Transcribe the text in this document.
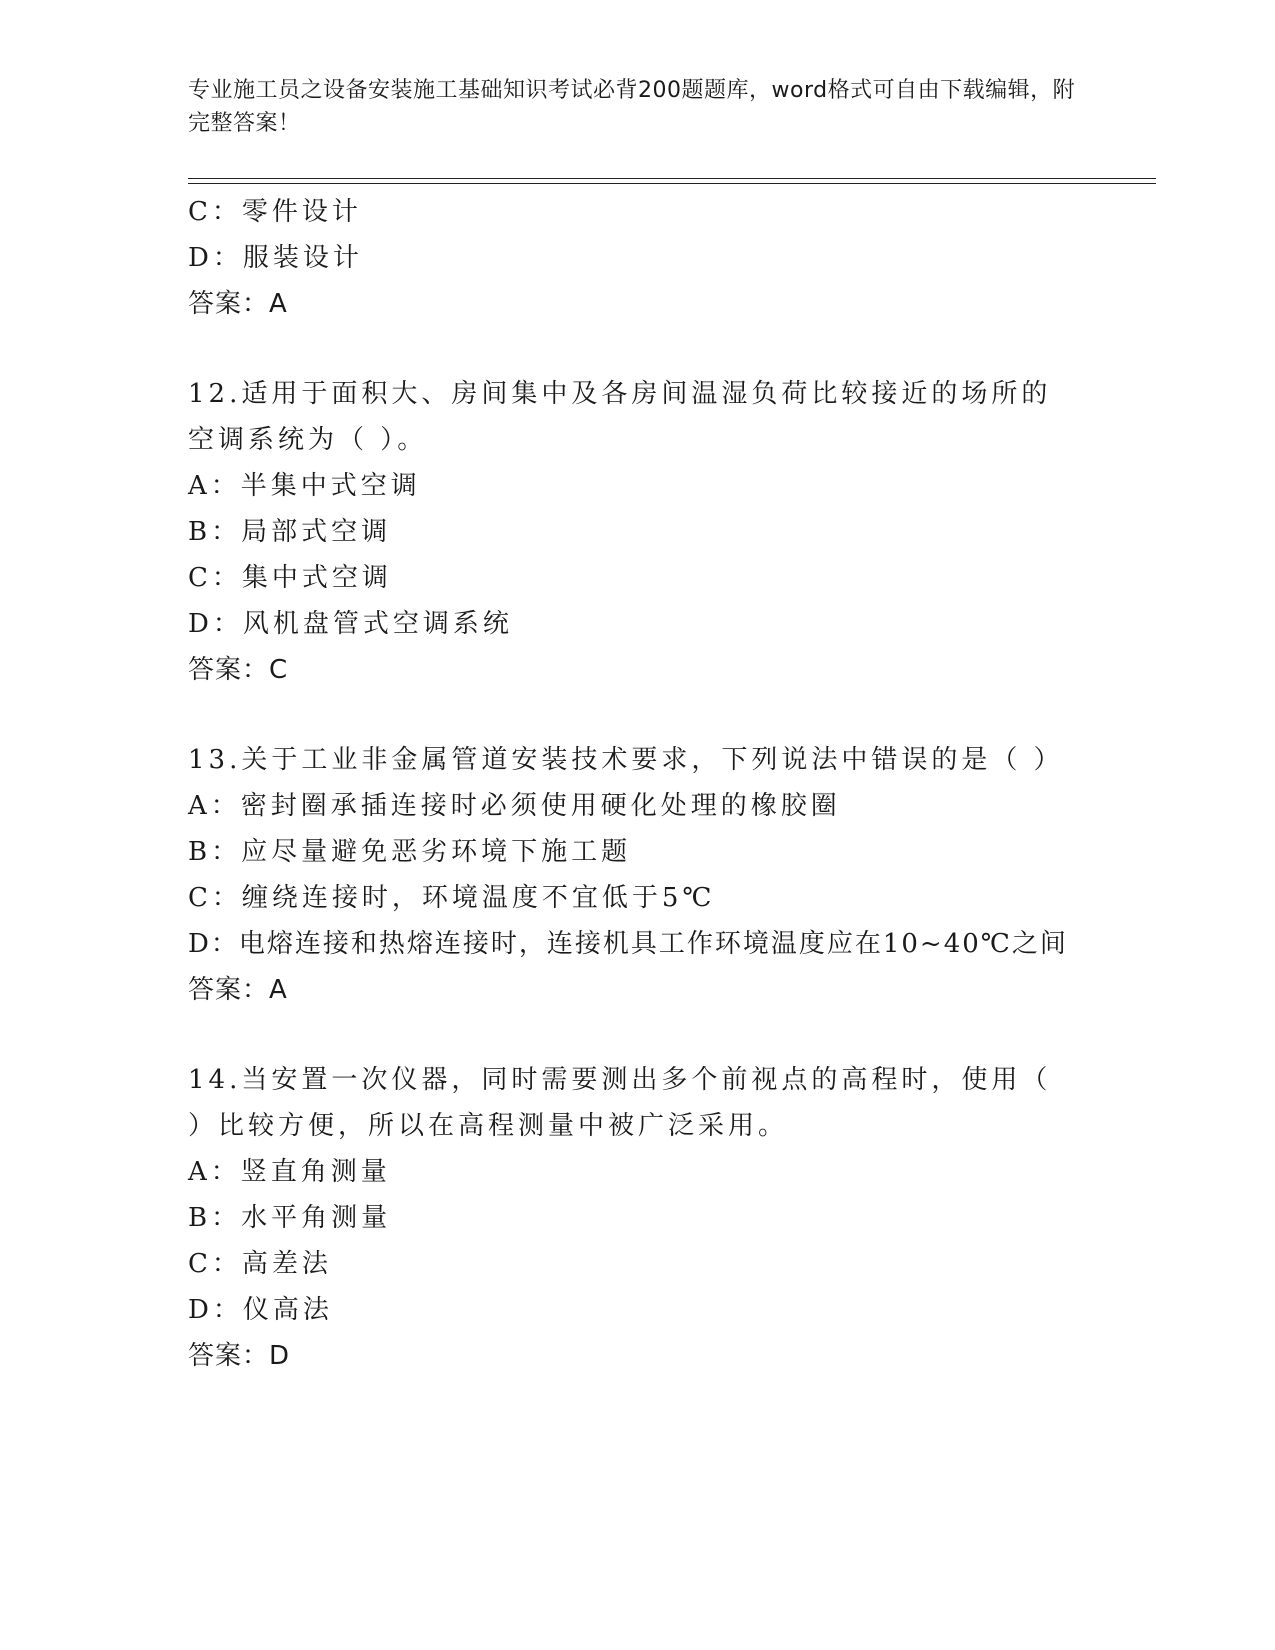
专业施工员之设备安装施工基础知识考试必背200题题库，word格式可自由下载编辑，附完整答案！
C：零件设计
D：服装设计
答案：A
12.适用于面积大、房间集中及各房间温湿负荷比较接近的场所的空调系统为（ ）。
A：半集中式空调
B：局部式空调
C：集中式空调
D：风机盘管式空调系统
答案：C
13.关于工业非金属管道安装技术要求，下列说法中错误的是（ ）
A：密封圈承插连接时必须使用硬化处理的橡胶圈
B：应尽量避免恶劣环境下施工题
C：缠绕连接时，环境温度不宜低于5℃
D：电熔连接和热熔连接时，连接机具工作环境温度应在10~40℃之间
答案：A
14.当安置一次仪器，同时需要测出多个前视点的高程时，使用（ ）比较方便，所以在高程测量中被广泛采用。
A：竖直角测量
B：水平角测量
C：高差法
D：仪高法
答案：D
